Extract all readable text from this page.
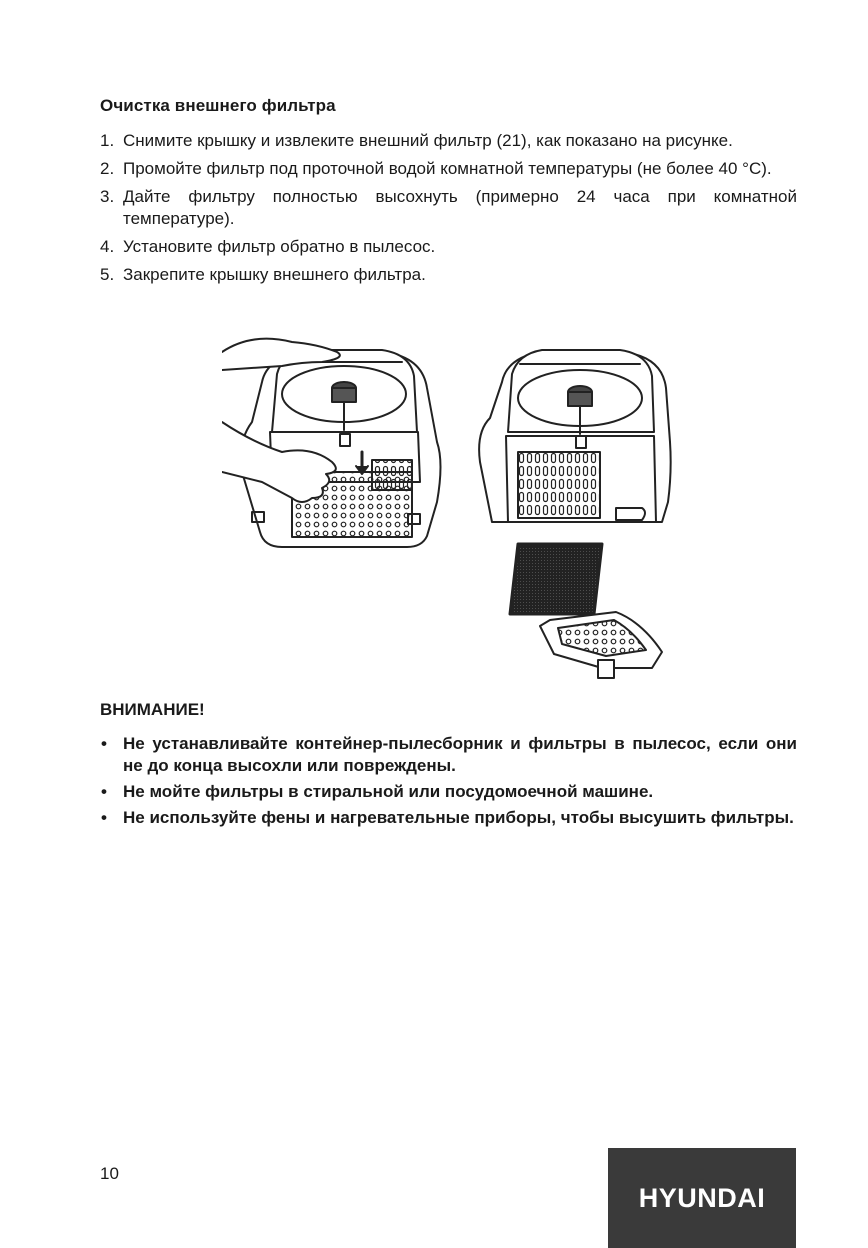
Очистка внешнего фильтра
1. Снимите крышку и извлеките внешний фильтр (21), как показано на рисунке.
2. Промойте фильтр под проточной водой комнатной температуры (не более 40 °С).
3. Дайте фильтру полностью высохнуть (примерно 24 часа при комнатной температуре).
4. Установите фильтр обратно в пылесос.
5. Закрепите крышку внешнего фильтра.
ВНИМАНИЕ!
• Не устанавливайте контейнер-пылесборник и фильтры в пылесос, если они не до конца высохли или повреждены.
• Не мойте фильтры в стиральной или посудомоечной машине.
• Не используйте фены и нагревательные приборы, чтобы высушить фильтры.
10
HYUNDAI
